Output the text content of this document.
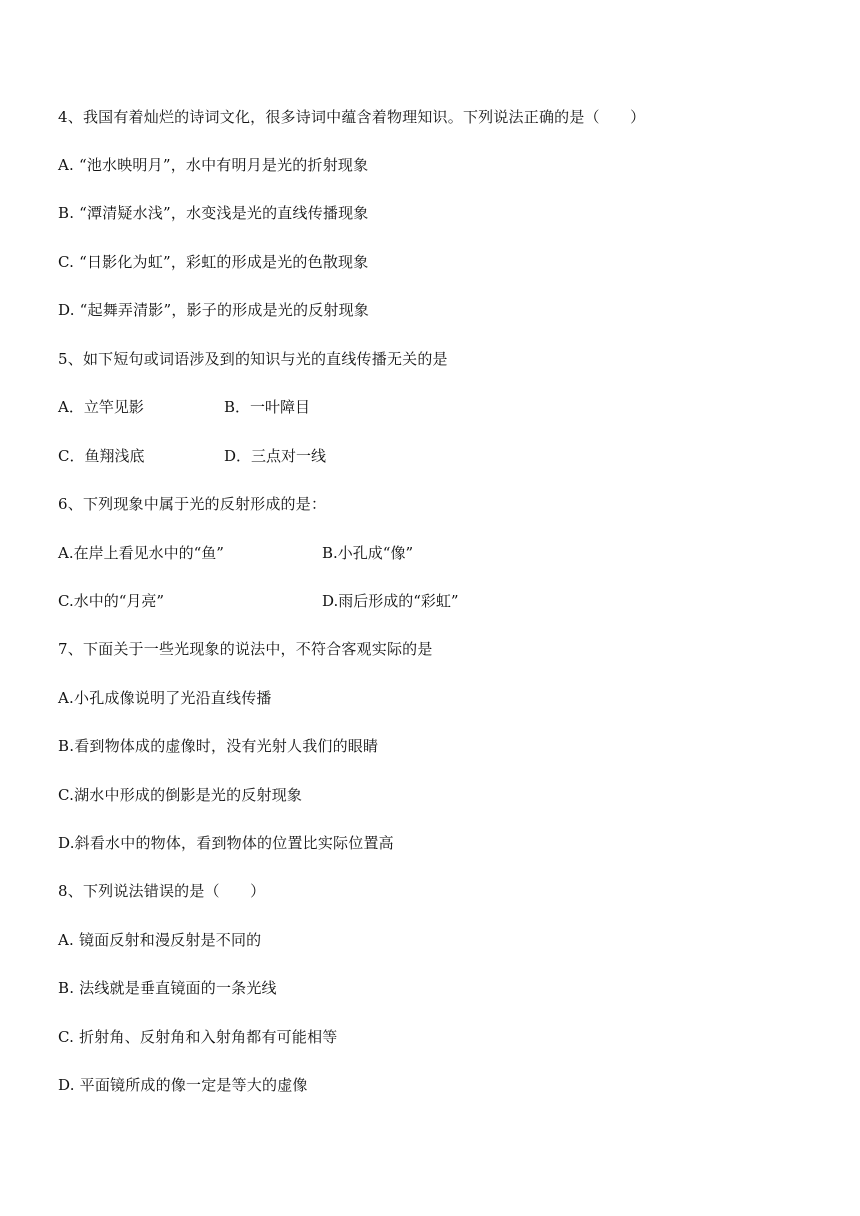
4、我国有着灿烂的诗词文化，很多诗词中蕴含着物理知识。下列说法正确的是（　　）
A. “池水映明月”，水中有明月是光的折射现象
B. “潭清疑水浅”，水变浅是光的直线传播现象
C. “日影化为虹”，彩虹的形成是光的色散现象
D. “起舞弄清影”，影子的形成是光的反射现象
5、如下短句或词语涉及到的知识与光的直线传播无关的是

A．立竿见影

	B．一叶障目

C．鱼翔浅底

	D．三点对一线

6、下列现象中属于光的反射形成的是：

A.在岸上看见水中的“鱼”

	B.小孔成“像”

C.水中的“月亮”

	D.雨后形成的“彩虹”

7、下面关于一些光现象的说法中，不符合客观实际的是
A.小孔成像说明了光沿直线传播
B.看到物体成的虚像时，没有光射人我们的眼睛
C.湖水中形成的倒影是光的反射现象
D.斜看水中的物体，看到物体的位置比实际位置高
8、下列说法错误的是（　　）
A. 镜面反射和漫反射是不同的
B. 法线就是垂直镜面的一条光线
C. 折射角、反射角和入射角都有可能相等
D. 平面镜所成的像一定是等大的虚像
